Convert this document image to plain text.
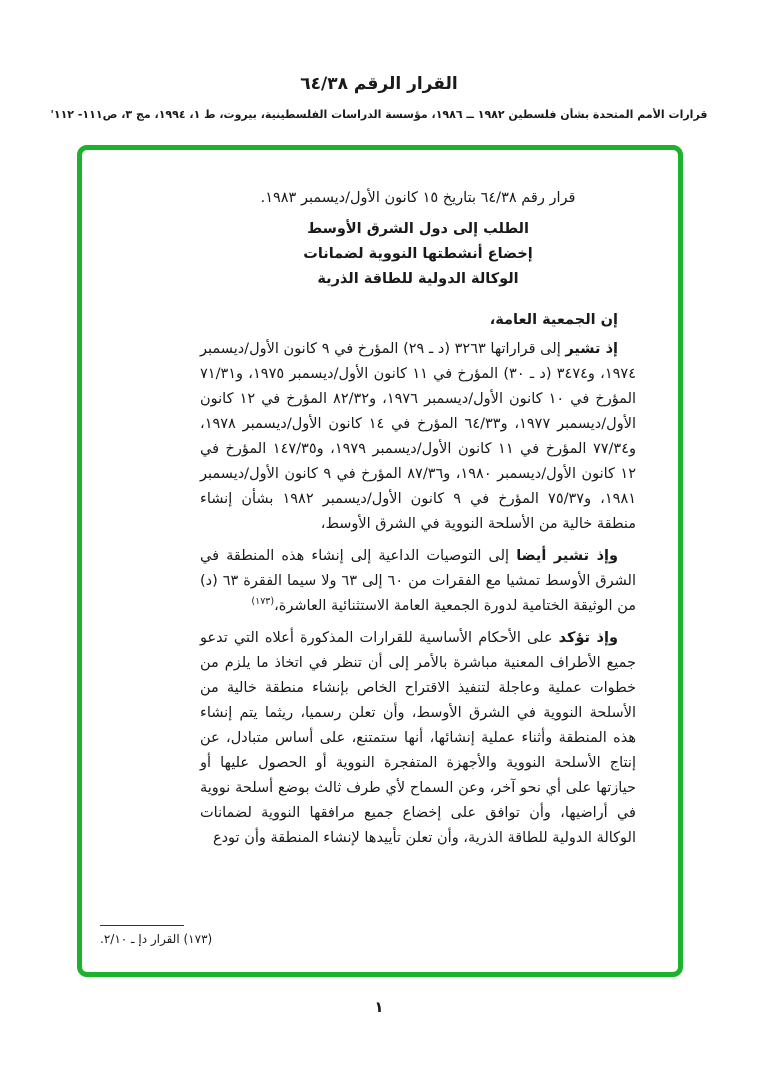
القرار الرقم ٦٤/٣٨
قرارات الأمم المتحدة بشأن فلسطين ١٩٨٢ ــ ١٩٨٦، مؤسسة الدراسات الفلسطينية، بيروت، ط ١، ١٩٩٤، مج ٣، ص١١١- ١١٢'

قرار رقم ٦٤/٣٨ بتاريخ ١٥ كانون الأول/ديسمبر ١٩٨٣.

الطلب إلى دول الشرق الأوسط

إخضاع أنشطتها النووية لضمانات

الوكالة الدولية للطاقة الذرية

إن الجمعية العامة،

إذ تشير إلى قراراتها ٣٢٦٣ (د ـ ٢٩) المؤرخ في ٩ كانون الأول/ديسمبر ١٩٧٤، و٣٤٧٤ (د ـ ٣٠) المؤرخ في ١١ كانون الأول/ديسمبر ١٩٧٥، و٧١/٣١ المؤرخ في ١٠ كانون الأول/ديسمبر ١٩٧٦، و٨٢/٣٢ المؤرخ في ١٢ كانون الأول/ديسمبر ١٩٧٧، و٦٤/٣٣ المؤرخ في ١٤ كانون الأول/ديسمبر ١٩٧٨، و٧٧/٣٤ المؤرخ في ١١ كانون الأول/ديسمبر ١٩٧٩، و١٤٧/٣٥ المؤرخ في ١٢ كانون الأول/ديسمبر ١٩٨٠، و٨٧/٣٦ المؤرخ في ٩ كانون الأول/ديسمبر ١٩٨١، و٧٥/٣٧ المؤرخ في ٩ كانون الأول/ديسمبر ١٩٨٢ بشأن إنشاء منطقة خالية من الأسلحة النووية في الشرق الأوسط،

وإذ تشير أيضا إلى التوصيات الداعية إلى إنشاء هذه المنطقة في الشرق الأوسط تمشيا مع الفقرات من ٦٠ إلى ٦٣ ولا سيما الفقرة ٦٣ (د) من الوثيقة الختامية لدورة الجمعية العامة الاستثنائية العاشرة،$^{(١٧٣)}$

وإذ تؤكد على الأحكام الأساسية للقرارات المذكورة أعلاه التي تدعو جميع الأطراف المعنية مباشرة بالأمر إلى أن تنظر في اتخاذ ما يلزم من خطوات عملية وعاجلة لتنفيذ الاقتراح الخاص بإنشاء منطقة خالية من الأسلحة النووية في الشرق الأوسط، وأن تعلن رسميا، ريثما يتم إنشاء هذه المنطقة وأثناء عملية إنشائها، أنها ستمتنع، على أساس متبادل، عن إنتاج الأسلحة النووية والأجهزة المتفجرة النووية أو الحصول عليها أو حيازتها على أي نحو آخر، وعن السماح لأي طرف ثالث بوضع أسلحة نووية في أراضيها، وأن توافق على إخضاع جميع مرافقها النووية لضمانات الوكالة الدولية للطاقة الذرية، وأن تعلن تأييدها لإنشاء المنطقة وأن تودع

(١٧٣) القرار دإ ـ ٢/١٠.
١
